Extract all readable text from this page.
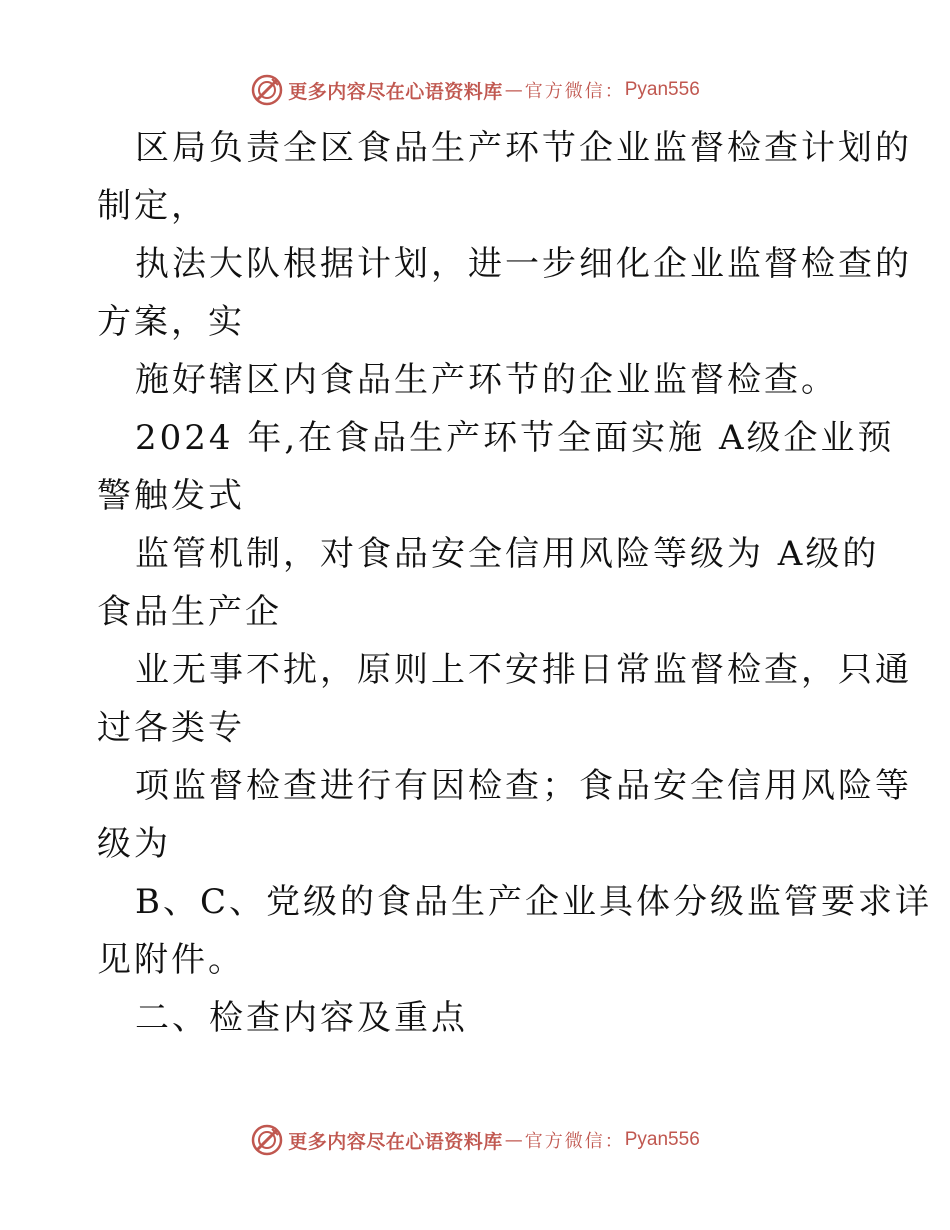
更多内容尽在心语资料库 — 官方微信： Pyan556
区局负责全区食品生产环节企业监督检查计划的
制定，
执法大队根据计划，进一步细化企业监督检查的
方案，实
施好辖区内食品生产环节的企业监督检查。
2024 年,在食品生产环节全面实施 A级企业预
警触发式
监管机制，对食品安全信用风险等级为 A级的
食品生产企
业无事不扰，原则上不安排日常监督检查，只通
过各类专
项监督检查进行有因检查；食品安全信用风险等
级为
B、C、党级的食品生产企业具体分级监管要求详
见附件。
二、检查内容及重点
更多内容尽在心语资料库 — 官方微信： Pyan556
